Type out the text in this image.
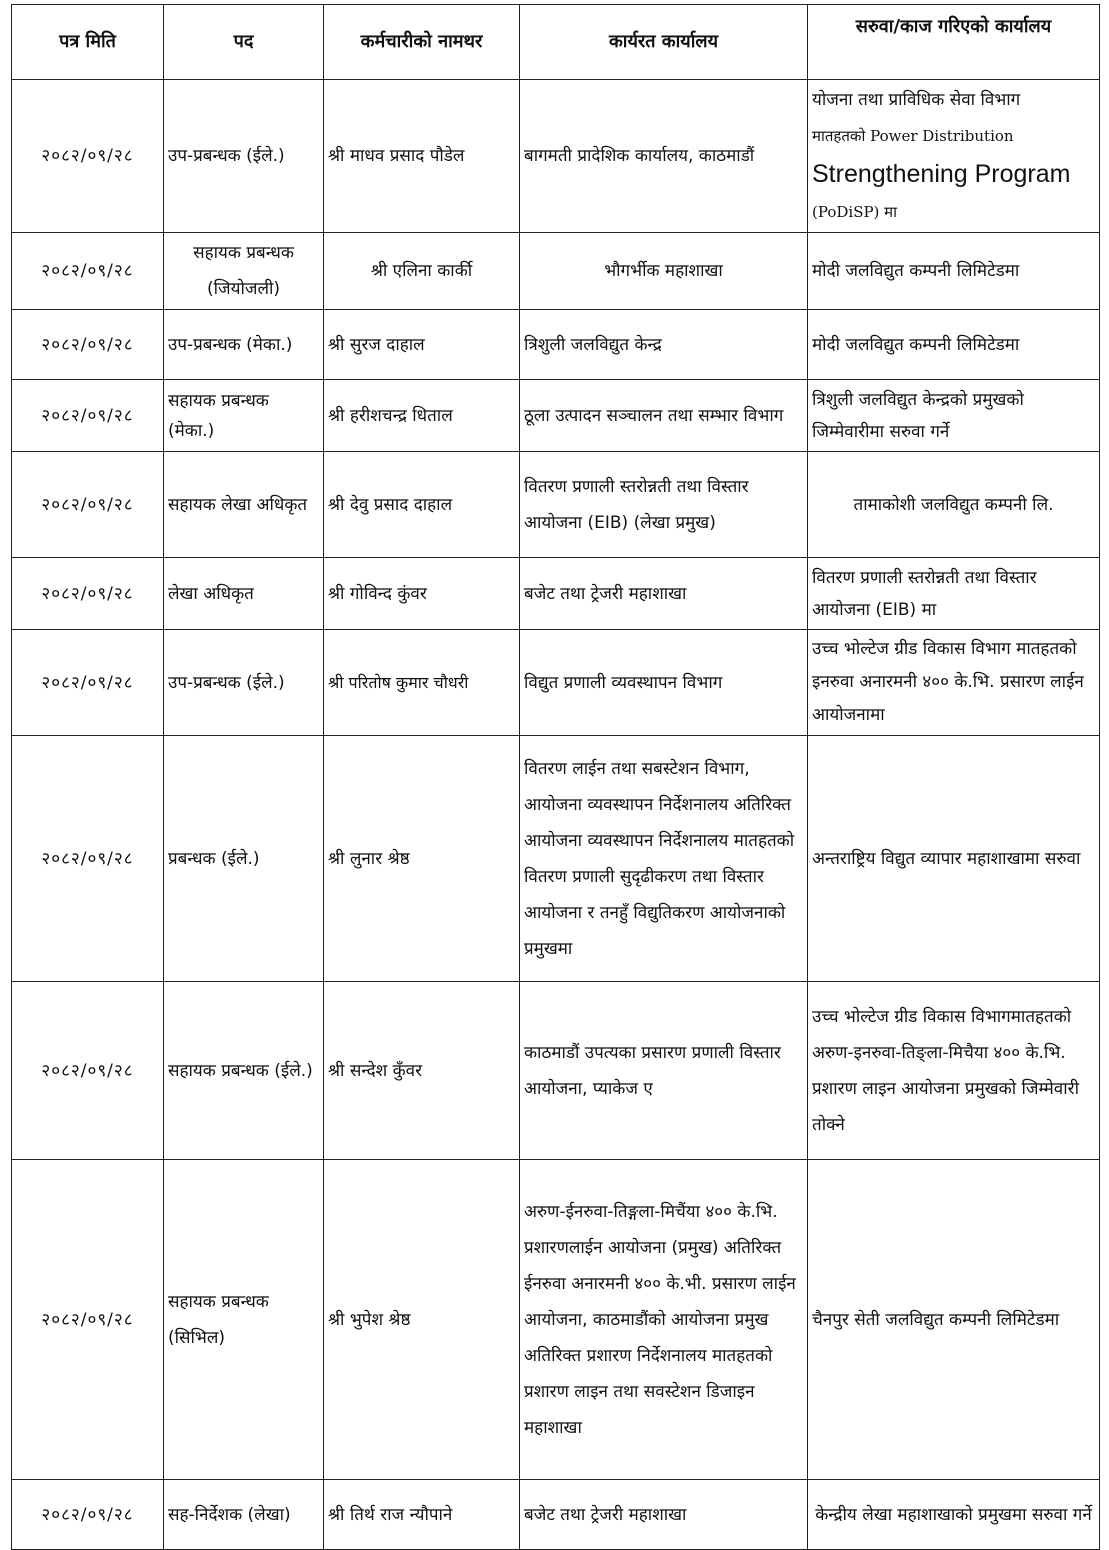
पत्र मिति	पद	कर्मचारीको नामथर	कार्यरत कार्यालय	सरुवा/काज गरिएको कार्यालय
२०८२/०९/२८	उप-प्रबन्धक (ईले.)	श्री माधव प्रसाद पौडेल	बागमती प्रादेशिक कार्यालय, काठमाडौं	योजना तथा प्राविधिक सेवा विभाग
मातहतको Power Distribution
Strengthening Program
(PoDiSP) मा

२०८२/०९/२८	सहायक प्रबन्धक (जियोजली)	श्री एलिना कार्की	भौगर्भीक महाशाखा	मोदी जलविद्युत कम्पनी लिमिटेडमा
२०८२/०९/२८	उप-प्रबन्धक (मेका.)	श्री सुरज दाहाल	त्रिशुली जलविद्युत केन्द्र	मोदी जलविद्युत कम्पनी लिमिटेडमा
२०८२/०९/२८	सहायक प्रबन्धक (मेका.)	श्री हरीशचन्द्र धिताल	ठूला उत्पादन सञ्चालन तथा सम्भार विभाग	त्रिशुली जलविद्युत केन्द्रको प्रमुखको जिम्मेवारीमा सरुवा गर्ने
२०८२/०९/२८	सहायक लेखा अधिकृत	श्री देवु प्रसाद दाहाल	वितरण प्रणाली स्तरोन्नती तथा विस्तार आयोजना (EIB) (लेखा प्रमुख)	तामाकोशी जलविद्युत कम्पनी लि.
२०८२/०९/२८	लेखा अधिकृत	श्री गोविन्द कुंवर	बजेट तथा ट्रेजरी महाशाखा	वितरण प्रणाली स्तरोन्नती तथा विस्तार आयोजना (EIB) मा
२०८२/०९/२८	उप-प्रबन्धक (ईले.)	श्री परितोष कुमार चौधरी	विद्युत प्रणाली व्यवस्थापन विभाग	उच्च भोल्टेज ग्रीड विकास विभाग मातहतको इनरुवा अनारमनी ४०० के.भि. प्रसारण लाईन आयोजनामा
२०८२/०९/२८	प्रबन्धक (ईले.)	श्री लुनार श्रेष्ठ	वितरण लाईन तथा सबस्टेशन विभाग, आयोजना व्यवस्थापन निर्देशनालय अतिरिक्त आयोजना व्यवस्थापन निर्देशनालय मातहतको वितरण प्रणाली सुदृढीकरण तथा विस्तार आयोजना र तनहुँ विद्युतिकरण आयोजनाको प्रमुखमा	अन्तराष्ट्रिय विद्युत व्यापार महाशाखामा सरुवा
२०८२/०९/२८	सहायक प्रबन्धक (ईले.)	श्री सन्देश कुँवर	काठमाडौं उपत्यका प्रसारण प्रणाली विस्तार आयोजना, प्याकेज ए	उच्च भोल्टेज ग्रीड विकास विभागमातहतको अरुण-इनरुवा-तिङ्ला-मिचैया ४०० के.भि. प्रशारण लाइन आयोजना प्रमुखको जिम्मेवारी तोक्ने
२०८२/०९/२८	सहायक प्रबन्धक (सिभिल)	श्री भुपेश श्रेष्ठ	अरुण-ईनरुवा-तिङ्गला-मिचैंया ४०० के.भि. प्रशारणलाईन आयोजना (प्रमुख) अतिरिक्त ईनरुवा अनारमनी ४०० के.भी. प्रसारण लाईन आयोजना, काठमाडौंको आयोजना प्रमुख अतिरिक्त प्रशारण निर्देशनालय मातहतको प्रशारण लाइन तथा सवस्टेशन डिजाइन महाशाखा	चैनपुर सेती जलविद्युत कम्पनी लिमिटेडमा
२०८२/०९/२८	सह-निर्देशक (लेखा)	श्री तिर्थ राज न्यौपाने	बजेट तथा ट्रेजरी महाशाखा	केन्द्रीय लेखा महाशाखाको प्रमुखमा सरुवा गर्ने
